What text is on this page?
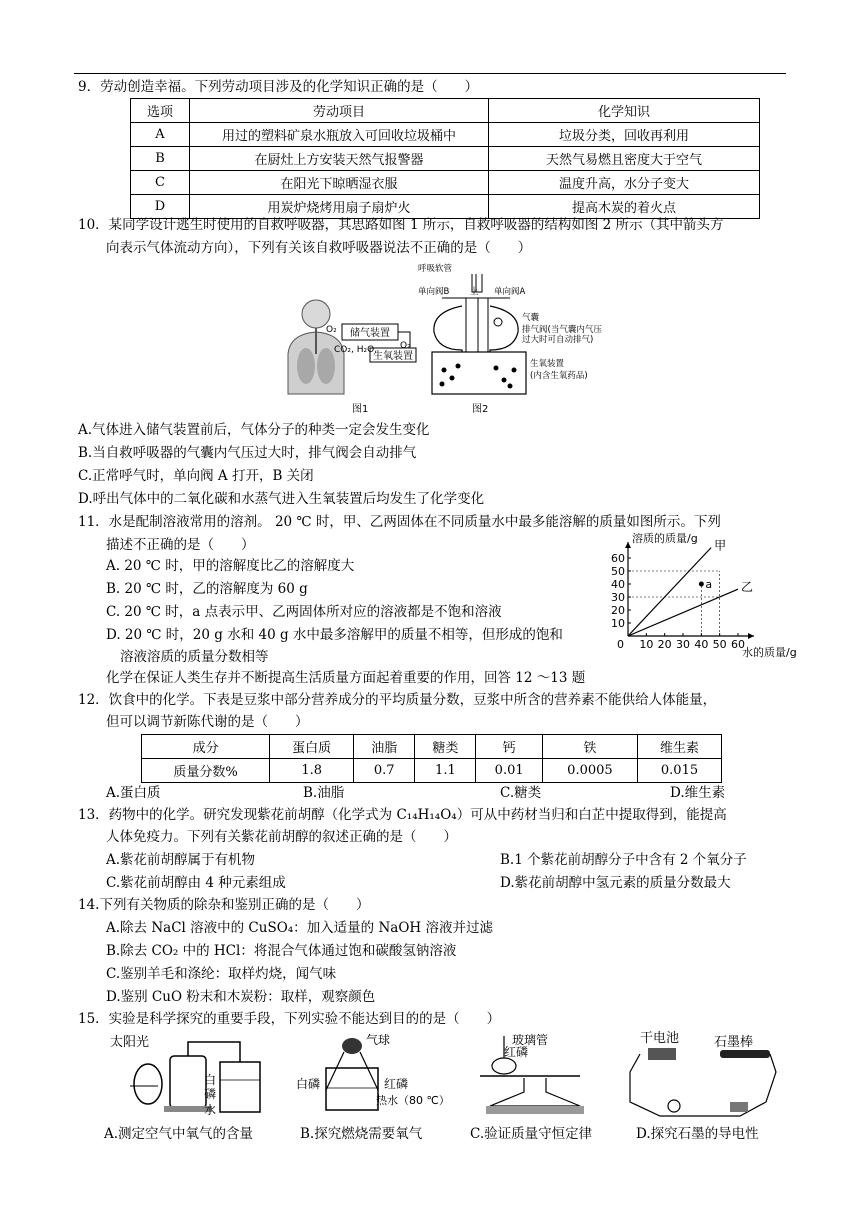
9．劳动创造幸福。下列劳动项目涉及的化学知识正确的是（　　）
选项	劳动项目	化学知识
A	用过的塑料矿泉水瓶放入可回收垃圾桶中	垃圾分类，回收再利用
B	在厨灶上方安装天然气报警器	天然气易燃且密度大于空气
C	在阳光下晾晒湿衣服	温度升高，水分子变大
D	用炭炉烧烤用扇子扇炉火	提高木炭的着火点
10．某同学设计逃生时使用的自救呼吸器，其思路如图 1 所示，自救呼吸器的结构如图 2 所示（其中箭头方
向表示气体流动方向），下列有关该自救呼吸器说法不正确的是（　　）
储气装置
生氧装置
O₂
O₂
CO₂, H₂O
图1
呼吸软管
单向阀B 上 单向阀A
气囊
排气阀(当气囊内气压
过大时可自动排气)
生氧装置
(内含生氧药品)
图2
A.气体进入储气装置前后，气体分子的种类一定会发生变化
B.当自救呼吸器的气囊内气压过大时，排气阀会自动排气
C.正常呼气时，单向阀 A 打开，B 关闭
D.呼出气体中的二氧化碳和水蒸气进入生氧装置后均发生了化学变化
11．水是配制溶液常用的溶剂。 20 ℃ 时，甲、乙两固体在不同质量水中最多能溶解的质量如图所示。下列
描述不正确的是（　　）
A. 20 ℃ 时，甲的溶解度比乙的溶解度大
B. 20 ℃ 时，乙的溶解度为 60 g
C. 20 ℃ 时，a 点表示甲、乙两固体所对应的溶液都是不饱和溶液
D. 20 ℃ 时，20 g 水和 40 g 水中最多溶解甲的质量不相等，但形成的饱和
溶液溶质的质量分数相等
化学在保证人类生存并不断提高生活质量方面起着重要的作用，回答 12 ～13 题
10
20
30
40
50
60
10 20 30 40 50 60
0
溶质的质量/g
水的质量/g
甲
乙
a
12．饮食中的化学。下表是豆浆中部分营养成分的平均质量分数，豆浆中所含的营养素不能供给人体能量，
但可以调节新陈代谢的是（　　）
成分	蛋白质	油脂	糖类	钙	铁	维生素
质量分数%	1.8	0.7	1.1	0.01	0.0005	0.015
A.蛋白质	B.油脂	C.糖类	D.维生素
13．药物中的化学。研究发现紫花前胡醇（化学式为 C₁₄H₁₄O₄）可从中药材当归和白芷中提取得到，能提高
人体免疫力。下列有关紫花前胡醇的叙述正确的是（　　）
A.紫花前胡醇属于有机物	B.1 个紫花前胡醇分子中含有 2 个氧分子
C.紫花前胡醇由 4 种元素组成	D.紫花前胡醇中氢元素的质量分数最大
14.下列有关物质的除杂和鉴别正确的是（　　）
A.除去 NaCl 溶液中的 CuSO₄：加入适量的 NaOH 溶液并过滤
B.除去 CO₂ 中的 HCl：将混合气体通过饱和碳酸氢钠溶液
C.鉴别羊毛和涤纶：取样灼烧，闻气味
D.鉴别 CuO 粉末和木炭粉：取样，观察颜色
15．实验是科学探究的重要手段，下列实验不能达到目的的是（　　）
太阳光
白
磷
水
气球
白磷	红磷
热水（80 ℃）
玻璃管
红磷
干电池	石墨棒
A.测定空气中氧气的含量	B.探究燃烧需要氧气	C.验证质量守恒定律	D.探究石墨的导电性
